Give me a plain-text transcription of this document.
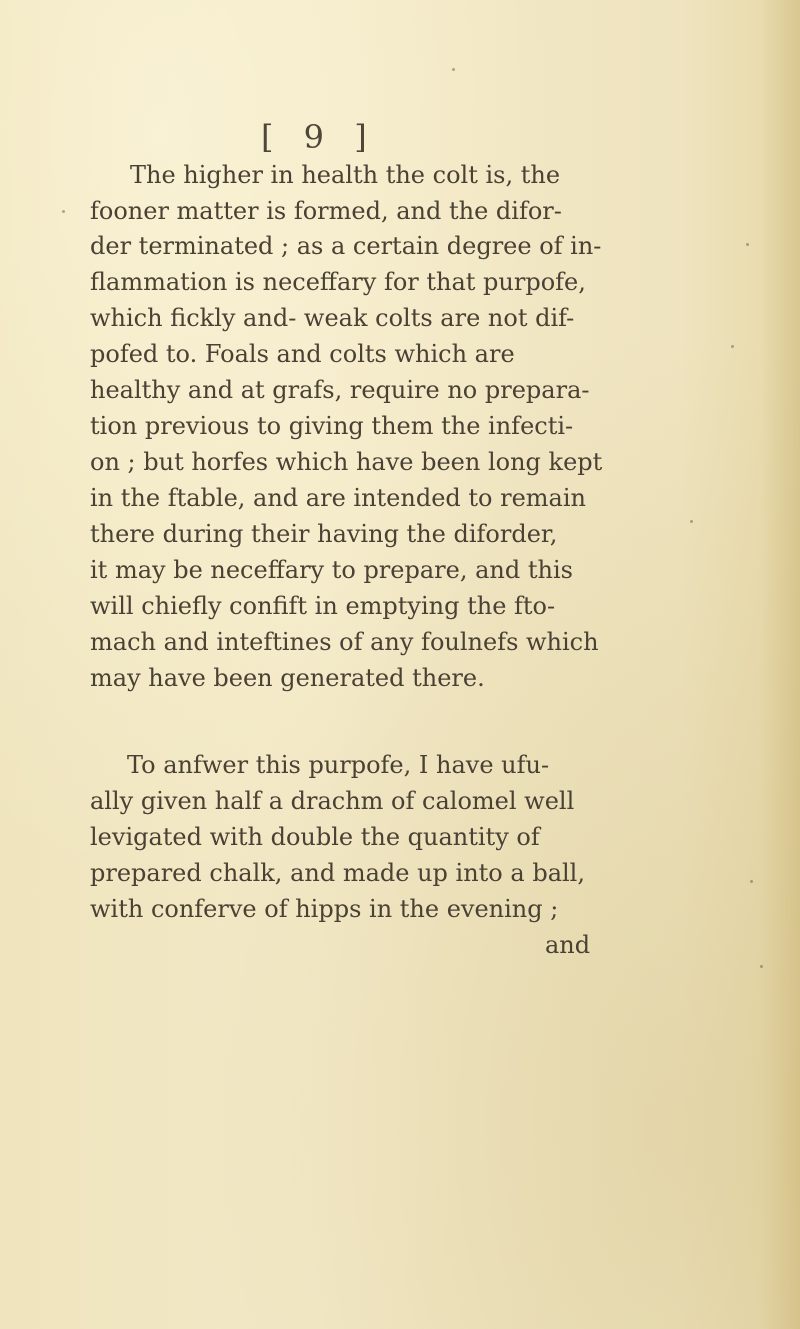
[ 9 ]
The higher in health the colt is, the
fooner matter is formed, and the difor-
der terminated ; as a certain degree of in-
flammation is neceffary for that purpofe,
which fickly and- weak colts are not dif-
pofed to. Foals and colts which are
healthy and at grafs, require no prepara-
tion previous to giving them the infecti-
on ; but horfes which have been long kept
in the ftable, and are intended to remain
there during their having the diforder,
it may be neceffary to prepare, and this
will chiefly confift in emptying the fto-
mach and inteftines of any foulnefs which
may have been generated there.
To anfwer this purpofe, I have ufu-
ally given half a drachm of calomel well
levigated with double the quantity of
prepared chalk, and made up into a ball,
with conferve of hipps in the evening ;
and
